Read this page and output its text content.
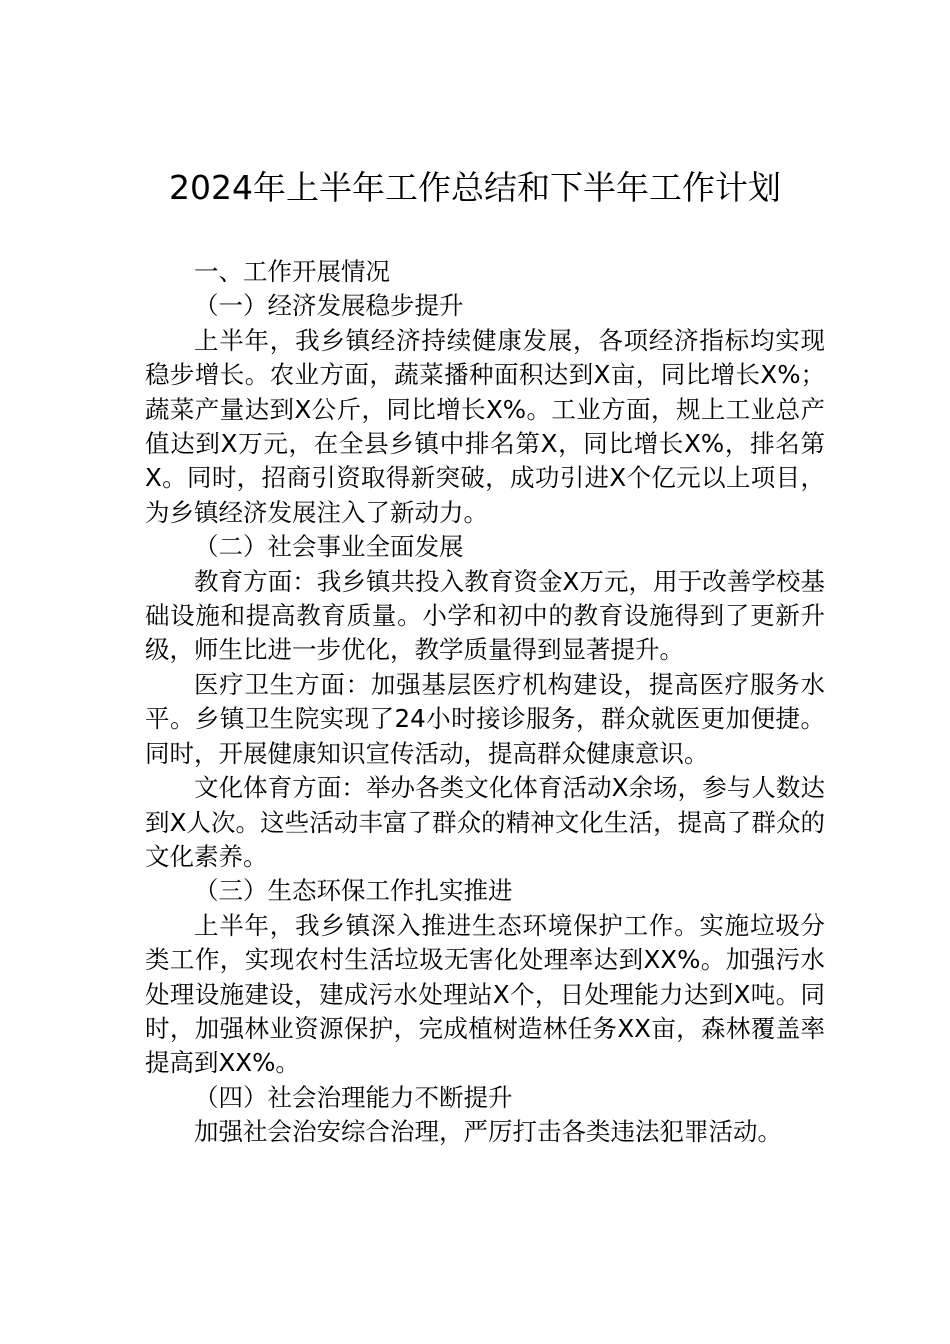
2024年上半年工作总结和下半年工作计划

一、工作开展情况

（一）经济发展稳步提升

上半年，我乡镇经济持续健康发展，各项经济指标均实现稳步增长。农业方面，蔬菜播种面积达到X亩，同比增长X%；蔬菜产量达到X公斤，同比增长X%。工业方面，规上工业总产值达到X万元，在全县乡镇中排名第X，同比增长X%，排名第X。同时，招商引资取得新突破，成功引进X个亿元以上项目，为乡镇经济发展注入了新动力。

（二）社会事业全面发展

教育方面：我乡镇共投入教育资金X万元，用于改善学校基础设施和提高教育质量。小学和初中的教育设施得到了更新升级，师生比进一步优化，教学质量得到显著提升。

医疗卫生方面：加强基层医疗机构建设，提高医疗服务水平。乡镇卫生院实现了24小时接诊服务，群众就医更加便捷。同时，开展健康知识宣传活动，提高群众健康意识。

文化体育方面：举办各类文化体育活动X余场，参与人数达到X人次。这些活动丰富了群众的精神文化生活，提高了群众的文化素养。

（三）生态环保工作扎实推进

上半年，我乡镇深入推进生态环境保护工作。实施垃圾分类工作，实现农村生活垃圾无害化处理率达到XX%。加强污水处理设施建设，建成污水处理站X个，日处理能力达到X吨。同时，加强林业资源保护，完成植树造林任务XX亩，森林覆盖率提高到XX%。

（四）社会治理能力不断提升

加强社会治安综合治理，严厉打击各类违法犯罪活动。
